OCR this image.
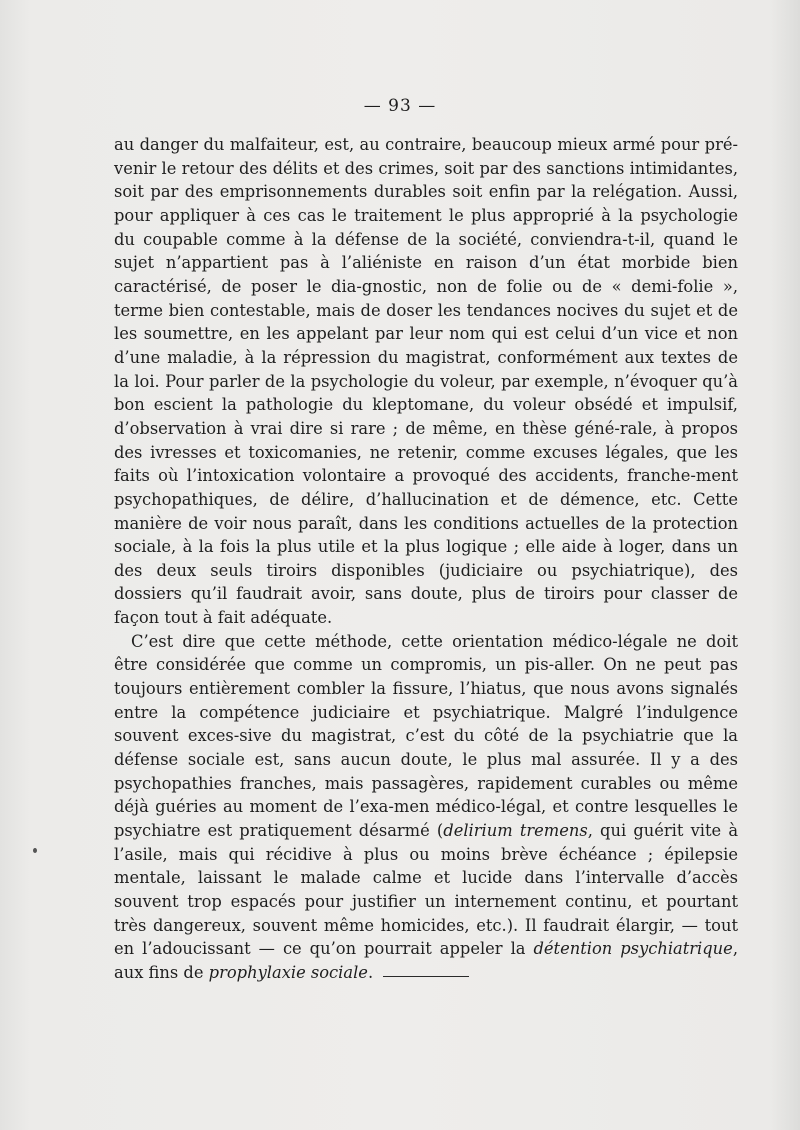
— 93 —

au danger du malfaiteur, est, au contraire, beaucoup mieux armé pour pré-venir le retour des délits et des crimes, soit par des sanctions intimidantes, soit par des emprisonnements durables soit enfin par la relégation. Aussi, pour appliquer à ces cas le traitement le plus approprié à la psychologie du coupable comme à la défense de la société, conviendra-t-il, quand le sujet n’appartient pas à l’aliéniste en raison d’un état morbide bien caractérisé, de poser le dia-gnostic, non de folie ou de « demi-folie », terme bien contestable, mais de doser les tendances nocives du sujet et de les soumettre, en les appelant par leur nom qui est celui d’un vice et non d’une maladie, à la répression du magistrat, conformément aux textes de la loi. Pour parler de la psychologie du voleur, par exemple, n’évoquer qu’à bon escient la pathologie du kleptomane, du voleur obsédé et impulsif, d’observation à vrai dire si rare ; de même, en thèse géné-rale, à propos des ivresses et toxicomanies, ne retenir, comme excuses légales, que les faits où l’intoxication volontaire a provoqué des accidents, franche-ment psychopathiques, de délire, d’hallucination et de démence, etc. Cette manière de voir nous paraît, dans les conditions actuelles de la protection sociale, à la fois la plus utile et la plus logique ; elle aide à loger, dans un des deux seuls tiroirs disponibles (judiciaire ou psychiatrique), des dossiers qu’il faudrait avoir, sans doute, plus de tiroirs pour classer de façon tout à fait adéquate.

C’est dire que cette méthode, cette orientation médico-légale ne doit être considérée que comme un compromis, un pis-aller. On ne peut pas toujours entièrement combler la fissure, l’hiatus, que nous avons signalés entre la compétence judiciaire et psychiatrique. Malgré l’indulgence souvent exces-sive du magistrat, c’est du côté de la psychiatrie que la défense sociale est, sans aucun doute, le plus mal assurée. Il y a des psychopathies franches, mais passagères, rapidement curables ou même déjà guéries au moment de l’exa-men médico-légal, et contre lesquelles le psychiatre est pratiquement désarmé (delirium tremens, qui guérit vite à l’asile, mais qui récidive à plus ou moins brève échéance ; épilepsie mentale, laissant le malade calme et lucide dans l’intervalle d’accès souvent trop espacés pour justifier un internement continu, et pourtant très dangereux, souvent même homicides, etc.). Il faudrait élargir, — tout en l’adoucissant — ce qu’on pourrait appeler la détention psychiatrique, aux fins de prophylaxie sociale.
